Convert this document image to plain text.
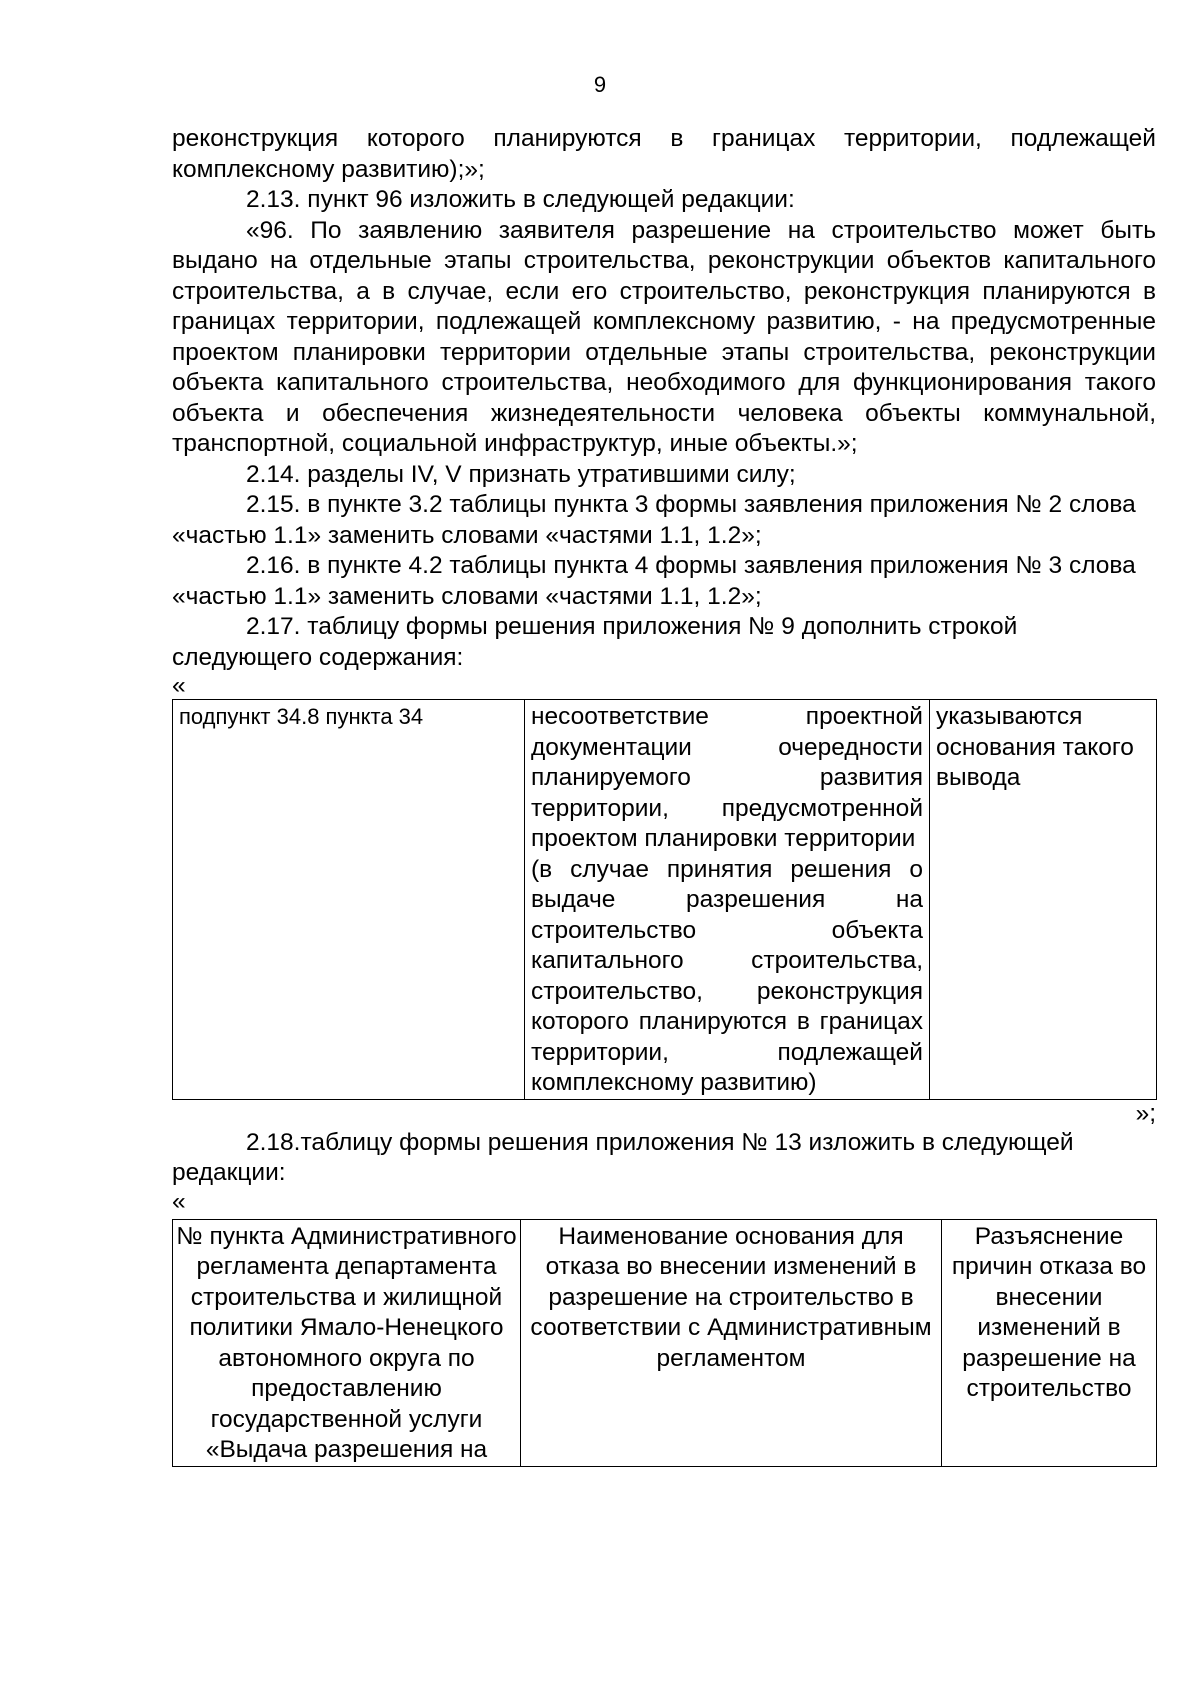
9

реконструкция которого планируются в границах территории, подлежащей комплексному развитию);»;

2.13. пункт 96 изложить в следующей редакции:

«96. По заявлению заявителя разрешение на строительство может быть выдано на отдельные этапы строительства, реконструкции объектов капитального строительства, а в случае, если его строительство, реконструкция планируются в границах территории, подлежащей комплексному развитию, - на предусмотренные проектом планировки территории отдельные этапы строительства, реконструкции объекта капитального строительства, необходимого для функционирования такого объекта и обеспечения жизнедеятельности человека объекты коммунальной, транспортной, социальной инфраструктур, иные объекты.»;

2.14. разделы IV, V признать утратившими силу;

2.15. в пункте 3.2 таблицы пункта 3 формы заявления приложения № 2 слова «частью 1.1» заменить словами «частями 1.1, 1.2»;

2.16. в пункте 4.2 таблицы пункта 4 формы заявления приложения № 3 слова «частью 1.1» заменить словами «частями 1.1, 1.2»;

2.17. таблицу формы решения приложения № 9 дополнить строкой следующего содержания:

«

подпункт 34.8 пункта 34	несоответствие проектной документации очередности планируемого развития территории, предусмотренной проектом планировки территории
(в случае принятия решения о выдаче разрешения на строительство объекта капитального строительства, строительство, реконструкция которого планируются в границах территории, подлежащей комплексному развитию)
	указываются основания такого вывода

»;

2.18.таблицу формы решения приложения № 13 изложить в следующей редакции:

«

№ пункта Административного регламента департамента строительства и жилищной политики Ямало-Ненецкого автономного округа по предоставлению государственной услуги «Выдача разрешения на	Наименование основания для отказа во внесении изменений в разрешение на строительство в соответствии с Административным регламентом	Разъяснение причин отказа во внесении изменений в разрешение на строительство
